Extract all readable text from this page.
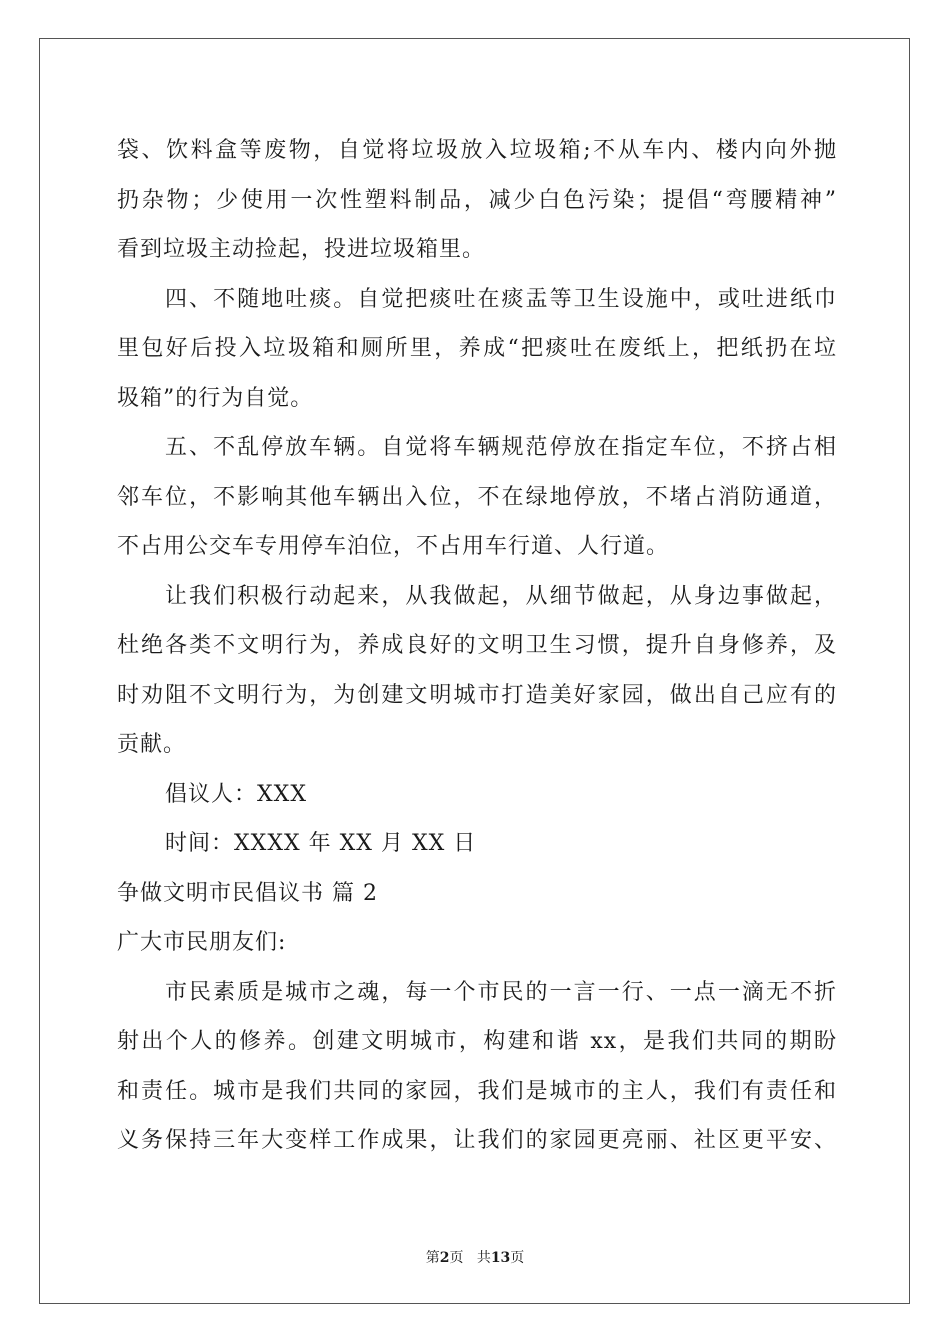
袋、饮料盒等废物，自觉将垃圾放入垃圾箱;不从车内、楼内向外抛
扔杂物；少使用一次性塑料制品，减少白色污染；提倡“弯腰精神”
看到垃圾主动捡起，投进垃圾箱里。
四、不随地吐痰。自觉把痰吐在痰盂等卫生设施中，或吐进纸巾
里包好后投入垃圾箱和厕所里，养成“把痰吐在废纸上，把纸扔在垃
圾箱”的行为自觉。
五、不乱停放车辆。自觉将车辆规范停放在指定车位，不挤占相
邻车位，不影响其他车辆出入位，不在绿地停放，不堵占消防通道，
不占用公交车专用停车泊位，不占用车行道、人行道。
让我们积极行动起来，从我做起，从细节做起，从身边事做起，
杜绝各类不文明行为，养成良好的文明卫生习惯，提升自身修养，及
时劝阻不文明行为，为创建文明城市打造美好家园，做出自己应有的
贡献。
倡议人：XXX
时间：XXXX 年 XX 月 XX 日
争做文明市民倡议书 篇 2
广大市民朋友们:
市民素质是城市之魂，每一个市民的一言一行、一点一滴无不折
射出个人的修养。创建文明城市，构建和谐 xx，是我们共同的期盼
和责任。城市是我们共同的家园，我们是城市的主人，我们有责任和
义务保持三年大变样工作成果，让我们的家园更亮丽、社区更平安、
第2页 共13页
